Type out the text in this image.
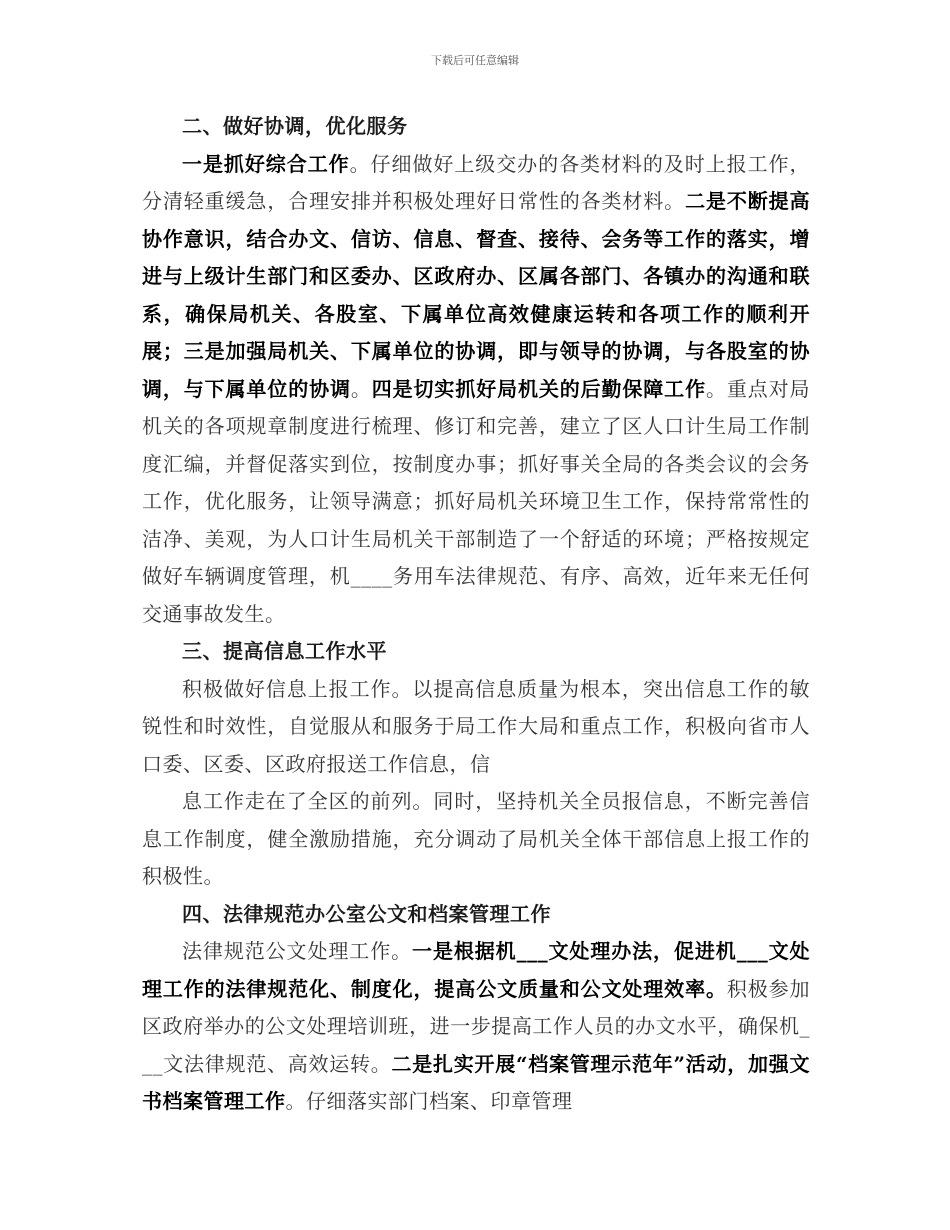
下载后可任意编辑

二、做好协调，优化服务

一是抓好综合工作。仔细做好上级交办的各类材料的及时上报工作，分清轻重缓急，合理安排并积极处理好日常性的各类材料。二是不断提高协作意识，结合办文、信访、信息、督查、接待、会务等工作的落实，增进与上级计生部门和区委办、区政府办、区属各部门、各镇办的沟通和联系，确保局机关、各股室、下属单位高效健康运转和各项工作的顺利开展；三是加强局机关、下属单位的协调，即与领导的协调，与各股室的协调，与下属单位的协调。四是切实抓好局机关的后勤保障工作。重点对局机关的各项规章制度进行梳理、修订和完善，建立了区人口计生局工作制度汇编，并督促落实到位，按制度办事；抓好事关全局的各类会议的会务工作，优化服务，让领导满意；抓好局机关环境卫生工作，保持常常性的洁净、美观，为人口计生局机关干部制造了一个舒适的环境；严格按规定做好车辆调度管理，机____务用车法律规范、有序、高效，近年来无任何交通事故发生。

三、提高信息工作水平

积极做好信息上报工作。以提高信息质量为根本，突出信息工作的敏锐性和时效性，自觉服从和服务于局工作大局和重点工作，积极向省市人口委、区委、区政府报送工作信息，信

息工作走在了全区的前列。同时，坚持机关全员报信息，不断完善信息工作制度，健全激励措施，充分调动了局机关全体干部信息上报工作的积极性。

四、法律规范办公室公文和档案管理工作

法律规范公文处理工作。一是根据机___文处理办法，促进机___文处理工作的法律规范化、制度化，提高公文质量和公文处理效率。积极参加区政府举办的公文处理培训班，进一步提高工作人员的办文水平，确保机___文法律规范、高效运转。二是扎实开展“档案管理示范年”活动，加强文书档案管理工作。仔细落实部门档案、印章管理
